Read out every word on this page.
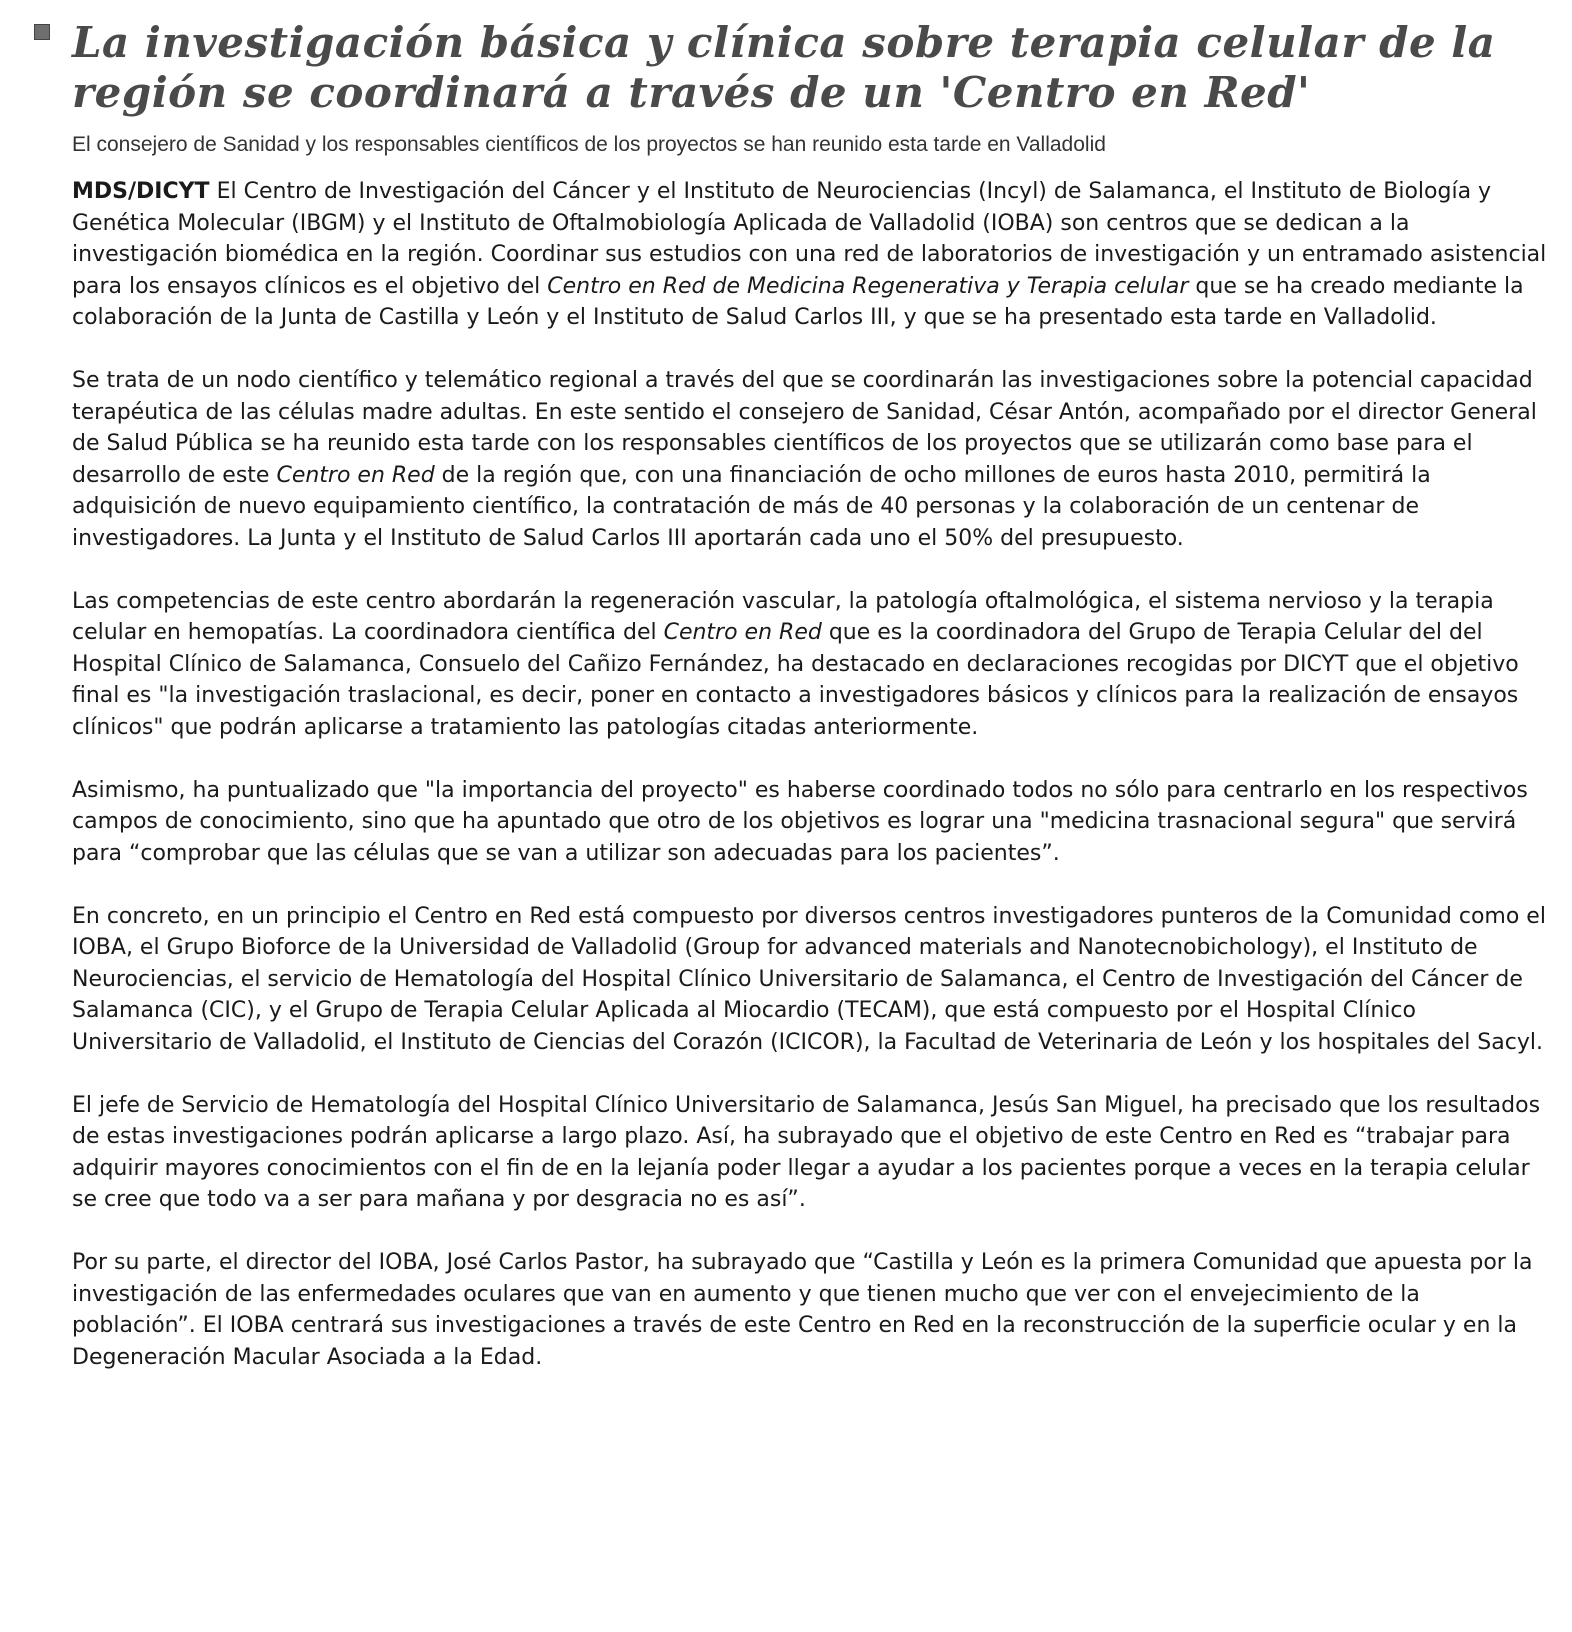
La investigación básica y clínica sobre terapia celular de la región se coordinará a través de un 'Centro en Red'

El consejero de Sanidad y los responsables científicos de los proyectos se han reunido esta tarde en Valladolid

MDS/DICYT El Centro de Investigación del Cáncer y el Instituto de Neurociencias (Incyl) de Salamanca, el Instituto de Biología y Genética Molecular (IBGM) y el Instituto de Oftalmobiología Aplicada de Valladolid (IOBA) son centros que se dedican a la investigación biomédica en la región. Coordinar sus estudios con una red de laboratorios de investigación y un entramado asistencial para los ensayos clínicos es el objetivo del Centro en Red de Medicina Regenerativa y Terapia celular que se ha creado mediante la colaboración de la Junta de Castilla y León y el Instituto de Salud Carlos III, y que se ha presentado esta tarde en Valladolid.

Se trata de un nodo científico y telemático regional a través del que se coordinarán las investigaciones sobre la potencial capacidad terapéutica de las células madre adultas. En este sentido el consejero de Sanidad, César Antón, acompañado por el director General de Salud Pública se ha reunido esta tarde con los responsables científicos de los proyectos que se utilizarán como base para el desarrollo de este Centro en Red de la región que, con una financiación de ocho millones de euros hasta 2010, permitirá la adquisición de nuevo equipamiento científico, la contratación de más de 40 personas y la colaboración de un centenar de investigadores. La Junta y el Instituto de Salud Carlos III aportarán cada uno el 50% del presupuesto.

Las competencias de este centro abordarán la regeneración vascular, la patología oftalmológica, el sistema nervioso y la terapia celular en hemopatías. La coordinadora científica del Centro en Red que es la coordinadora del Grupo de Terapia Celular del del Hospital Clínico de Salamanca, Consuelo del Cañizo Fernández, ha destacado en declaraciones recogidas por DICYT que el objetivo final es "la investigación traslacional, es decir, poner en contacto a investigadores básicos y clínicos para la realización de ensayos clínicos" que podrán aplicarse a tratamiento las patologías citadas anteriormente.

Asimismo, ha puntualizado que "la importancia del proyecto" es haberse coordinado todos no sólo para centrarlo en los respectivos campos de conocimiento, sino que ha apuntado que otro de los objetivos es lograr una "medicina trasnacional segura" que servirá para “comprobar que las células que se van a utilizar son adecuadas para los pacientes”.

En concreto, en un principio el Centro en Red está compuesto por diversos centros investigadores punteros de la Comunidad como el IOBA, el Grupo Bioforce de la Universidad de Valladolid (Group for advanced materials and Nanotecnobichology), el Instituto de Neurociencias, el servicio de Hematología del Hospital Clínico Universitario de Salamanca, el Centro de Investigación del Cáncer de Salamanca (CIC), y el Grupo de Terapia Celular Aplicada al Miocardio (TECAM), que está compuesto por el Hospital Clínico Universitario de Valladolid, el Instituto de Ciencias del Corazón (ICICOR), la Facultad de Veterinaria de León y los hospitales del Sacyl.

El jefe de Servicio de Hematología del Hospital Clínico Universitario de Salamanca, Jesús San Miguel, ha precisado que los resultados de estas investigaciones podrán aplicarse a largo plazo. Así, ha subrayado que el objetivo de este Centro en Red es “trabajar para adquirir mayores conocimientos con el fin de en la lejanía poder llegar a ayudar a los pacientes porque a veces en la terapia celular se cree que todo va a ser para mañana y por desgracia no es así”.

Por su parte, el director del IOBA, José Carlos Pastor, ha subrayado que “Castilla y León es la primera Comunidad que apuesta por la investigación de las enfermedades oculares que van en aumento y que tienen mucho que ver con el envejecimiento de la población”. El IOBA centrará sus investigaciones a través de este Centro en Red en la reconstrucción de la superficie ocular y en la Degeneración Macular Asociada a la Edad.
